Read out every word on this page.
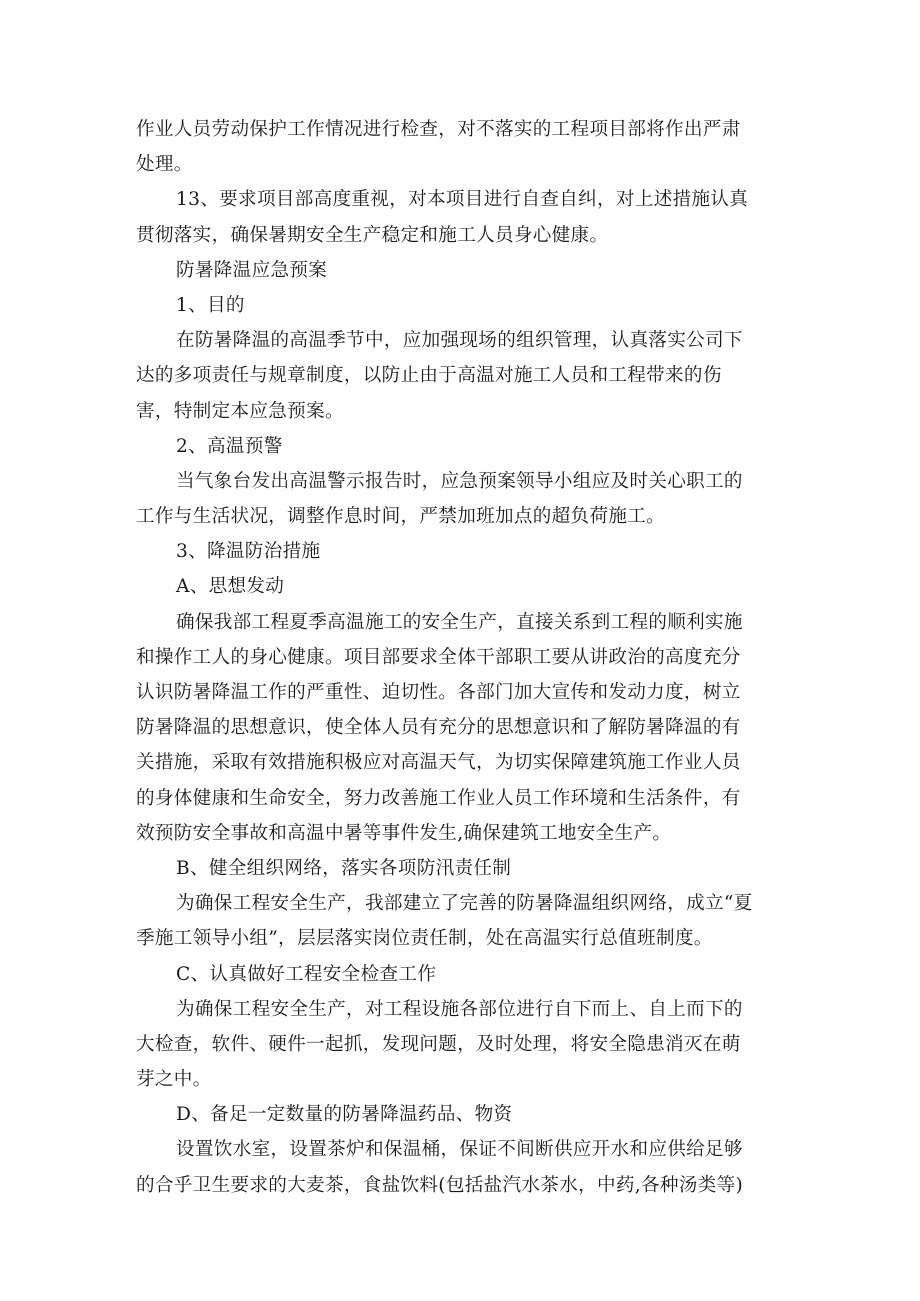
作业人员劳动保护工作情况进行检查，对不落实的工程项目部将作出严肃
处理。
13、要求项目部高度重视，对本项目进行自查自纠，对上述措施认真
贯彻落实，确保暑期安全生产稳定和施工人员身心健康。
防暑降温应急预案
1、目的
在防暑降温的高温季节中，应加强现场的组织管理，认真落实公司下
达的多项责任与规章制度，以防止由于高温对施工人员和工程带来的伤
害，特制定本应急预案。
2、高温预警
当气象台发出高温警示报告时，应急预案领导小组应及时关心职工的
工作与生活状况，调整作息时间，严禁加班加点的超负荷施工。
3、降温防治措施
A、思想发动
确保我部工程夏季高温施工的安全生产，直接关系到工程的顺利实施
和操作工人的身心健康。项目部要求全体干部职工要从讲政治的高度充分
认识防暑降温工作的严重性、迫切性。各部门加大宣传和发动力度，树立
防暑降温的思想意识，使全体人员有充分的思想意识和了解防暑降温的有
关措施，采取有效措施积极应对高温天气，为切实保障建筑施工作业人员
的身体健康和生命安全，努力改善施工作业人员工作环境和生活条件，有
效预防安全事故和高温中暑等事件发生,确保建筑工地安全生产。
B、健全组织网络，落实各项防汛责任制
为确保工程安全生产，我部建立了完善的防暑降温组织网络，成立“夏
季施工领导小组”，层层落实岗位责任制，处在高温实行总值班制度。
C、认真做好工程安全检查工作
为确保工程安全生产，对工程设施各部位进行自下而上、自上而下的
大检查，软件、硬件一起抓，发现问题，及时处理，将安全隐患消灭在萌
芽之中。
D、备足一定数量的防暑降温药品、物资
设置饮水室，设置茶炉和保温桶，保证不间断供应开水和应供给足够
的合乎卫生要求的大麦茶，食盐饮料(包括盐汽水茶水，中药,各种汤类等)
